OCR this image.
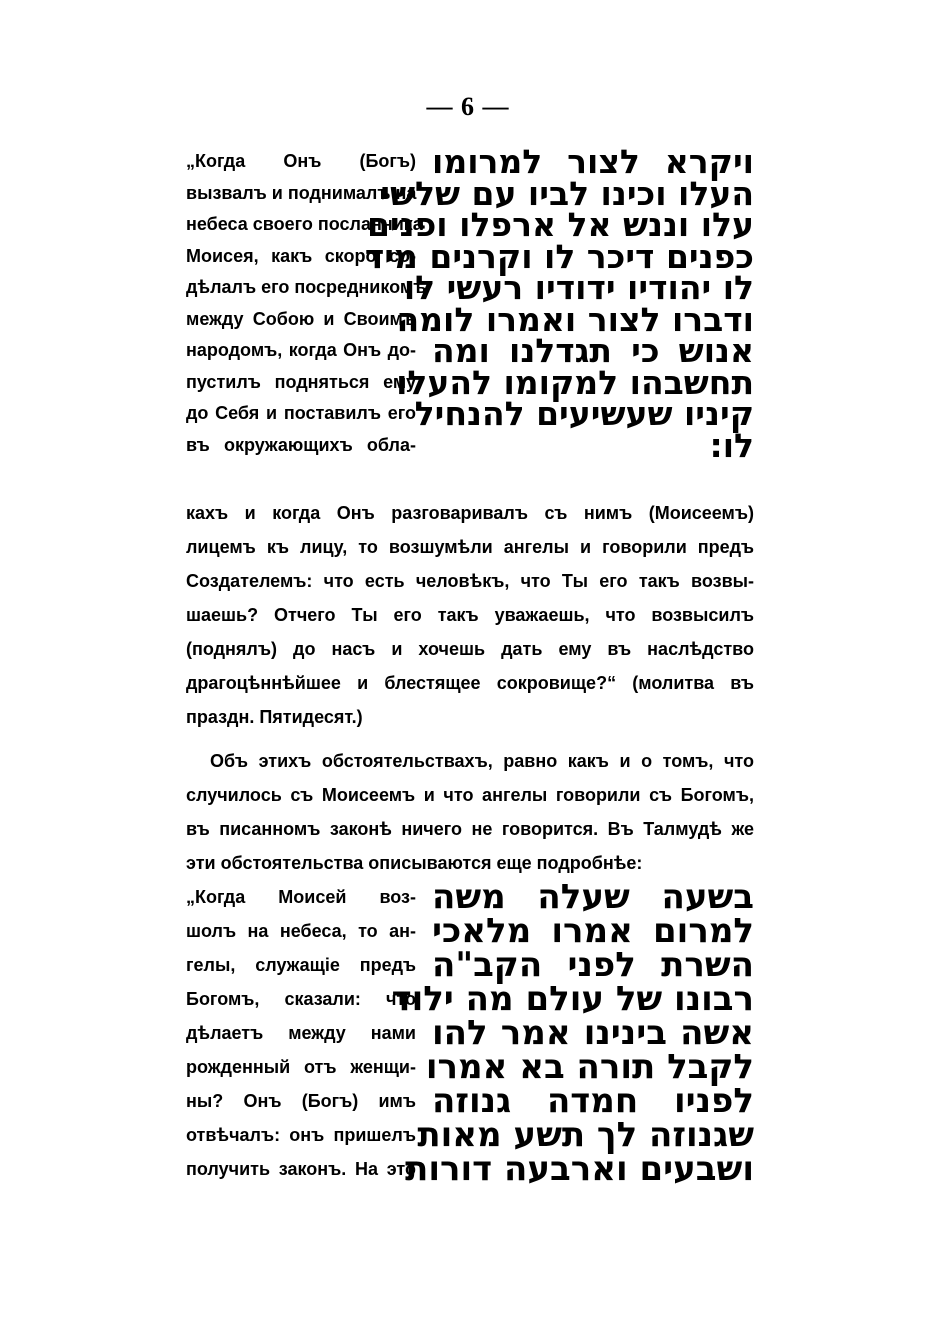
— 6 —
„Когда Онъ (Богъ)
вызвалъ и поднималъ на
небеса своего посланника
Моисея, какъ скоро со-
дѣлалъ его посредникомъ
между Собою и Своимъ
народомъ, когда Онъ до-
пустилъ подняться ему
до Себя и поставилъ его
въ окружающихъ обла-
ויקרא לצור למרומו
העלו וכינו לביו עם שלשי
עלו וננש אל ארפלו ופנים
כפנים דיכר לו וקרנים מיד
לו יהודיו ידודיו רעשי לו
ודברו לצור ואמרו לומה
אנוש כי תגדלנו ומה
תחשבהו למקומו להעלו
קיניו שעשיעים להנחיל
לו:
кахъ и когда Онъ разговаривалъ съ нимъ (Моисеемъ)
лицемъ къ лицу, то возшумѣли ангелы и говорили предъ
Создателемъ: что есть человѣкъ, что Ты его такъ возвы-
шаешь? Отчего Ты его такъ уважаешь, что возвысилъ
(поднялъ) до насъ и хочешь дать ему въ наслѣдство
драгоцѣннѣйшее и блестящее сокровище?“ (молитва въ
праздн. Пятидесят.)
Объ этихъ обстоятельствахъ, равно какъ и о томъ, что
случилось съ Моисеемъ и что ангелы говорили съ Богомъ,
въ писанномъ законѣ ничего не говорится. Въ Талмудѣ же
эти обстоятельства описываются еще подробнѣе:
„Когда Моисей воз-
шолъ на небеса, то ан-
гелы, служащіе предъ
Богомъ, сказали: что
дѣлаетъ между нами
рожденный отъ женщи-
ны? Онъ (Богъ) имъ
отвѣчалъ: онъ пришелъ
получить законъ. На это
בשעה שעלה משה
למרום אמרו מלאכי
השרת לפני הקב"ה
רבונו של עולם מה ילוד
אשה בינינו אמר להו
לקבל תורה בא אמרו
לפניו חמדה גנוזה
שגנוזה לך תשע מאות
ושבעים וארבעה דורות
